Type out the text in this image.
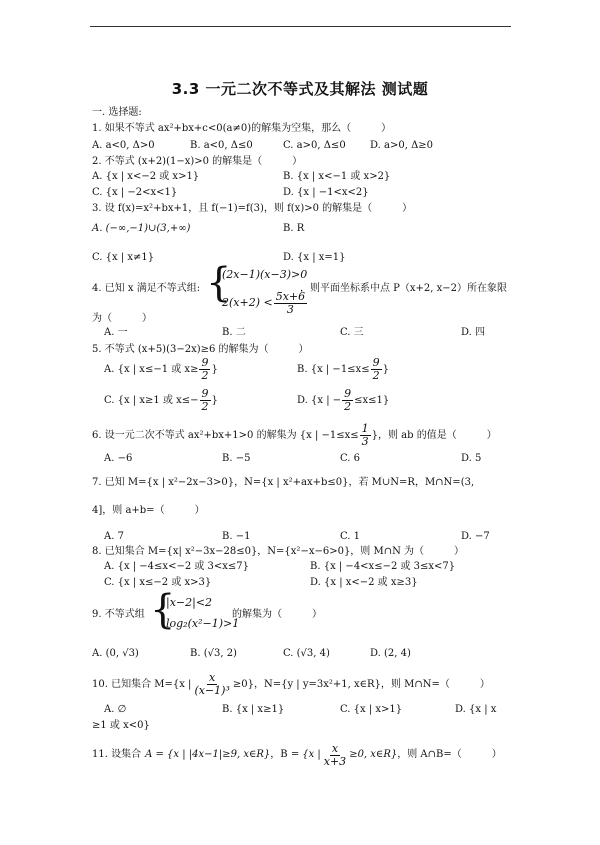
3.3 一元二次不等式及其解法 测试题
一. 选择题:
1. 如果不等式 ax²+bx+c<0(a≠0)的解集为空集，那么（　　　）
A. a<0, Δ>0	B. a<0, Δ≤0	C. a>0, Δ≤0 D. a>0, Δ≥0
2. 不等式 (x+2)(1−x)>0 的解集是（　　　）
A. {x | x<−2 或 x>1}	B. {x | x<−1 或 x>2}
C. {x | −2<x<1}	D. {x | −1<x<2}
3. 设 f(x)=x²+bx+1，且 f(−1)=f(3)，则 f(x)>0 的解集是（　　　）
A. (−∞,−1)∪(3,+∞)	B. R
C. {x | x≠1}	D. {x | x=1}
4. 已知 x 满足不等式组: {
(2x−1)(x−3)>0
$2(x+2) < \frac{5x+6}{3}$
，则平面坐标系中点 P（x+2, x−2）所在象限
为（　　　）
A. 一	B. 二	C. 三	D. 四
5. 不等式 (x+5)(3−2x)≥6 的解集为（　　　）
A. {x | x≤−1 或 $x\ge \frac{9}{2}$ }	B. {x | $-1\le x\le \frac{9}{2}$ }
C. {x | x≥1 或 $x\le- \frac{9}{2}$ }	D. {x | − $\frac{9}{2} \le x\le 1$}
6. 设一元二次不等式 ax²+bx+1>0 的解集为 {x | $-1\le x\le \frac{1}{3}$ }，则 ab 的值是（　　　）
A. −6	B. −5	C. 6	D. 5
7. 已知 M={x | x²−2x−3>0}，N={x | x²+ax+b≤0}，若 M∪N=R，M∩N=(3,
4]，则 a+b=（　　　）
A. 7	B. −1	C. 1	D. −7
8. 已知集合 M={x| x²−3x−28≤0}，N={x²−x−6>0}，则 M∩N 为（　　　）
A. {x | −4≤x<−2 或 3<x≤7}	B. {x | −4<x≤−2 或 3≤x<7}
C. {x | x≤−2 或 x>3}	D. {x | x<−2 或 x≥3}
9. 不等式组 {
|x−2|<2
log₂(x²−1)>1
的解集为（　　　）
A. (0, √3)	B. (√3, 2)	C. (√3, 4)	D. (2, 4)
10. 已知集合 M={x | $\frac{x}{\text{(x−1)³}} \ge 0$}，N={y | y=3x²+1, x∈R}，则 M∩N=（　　　）
A. ∅	B. {x | x≥1}	C. {x | x>1}	D. {x | x
≥1 或 x<0}
11. 设集合 A = {x | |4x−1|≥9, x∈R} ，B = {x | $\frac{x}{x+3} \ge 0$, x∈R} ，则 A∩B=（　　　）
